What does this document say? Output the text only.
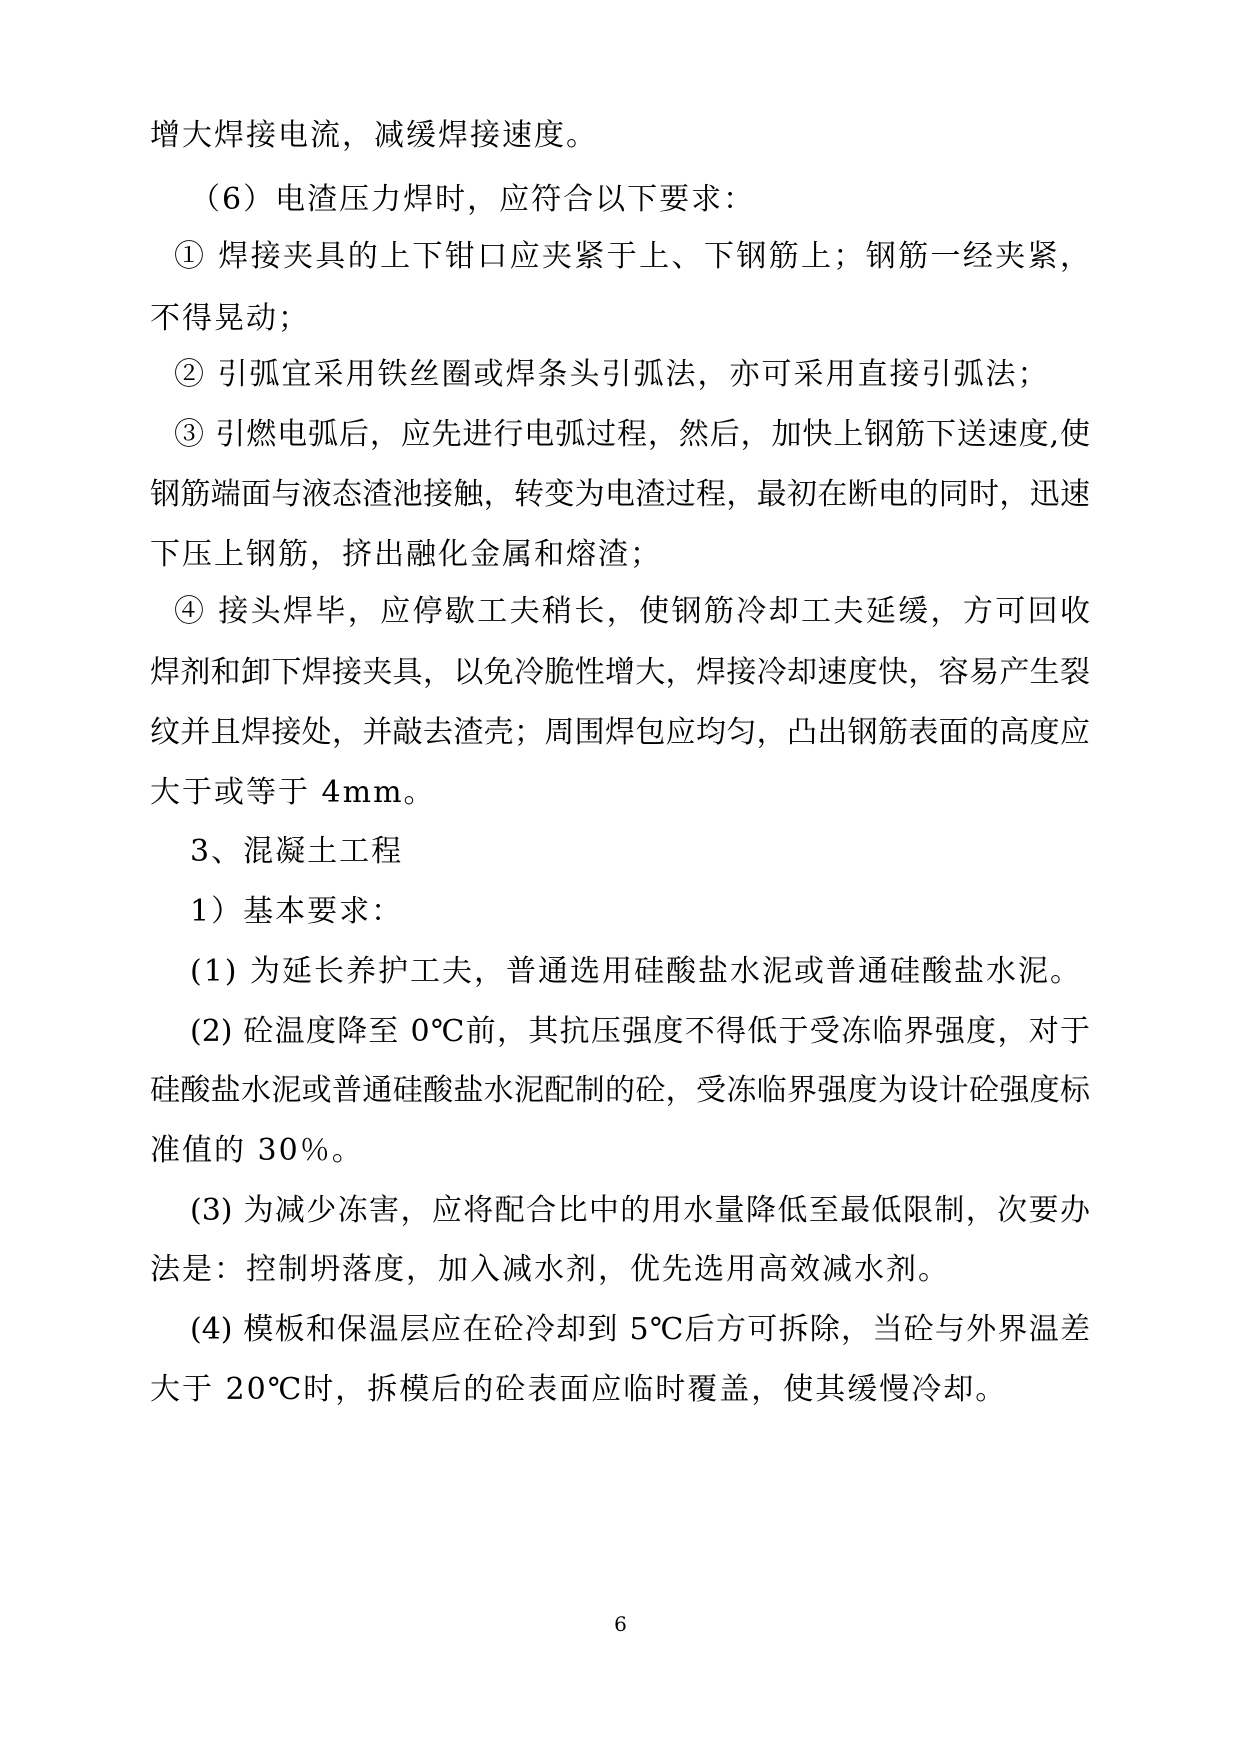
增大焊接电流，减缓焊接速度。
（6）电渣压力焊时，应符合以下要求：
① 焊接夹具的上下钳口应夹紧于上、下钢筋上；钢筋一经夹紧，
不得晃动；
② 引弧宜采用铁丝圈或焊条头引弧法，亦可采用直接引弧法；
③ 引燃电弧后，应先进行电弧过程，然后，加快上钢筋下送速度,使
钢筋端面与液态渣池接触，转变为电渣过程，最初在断电的同时，迅速
下压上钢筋，挤出融化金属和熔渣；
④ 接头焊毕，应停歇工夫稍长，使钢筋冷却工夫延缓，方可回收
焊剂和卸下焊接夹具，以免冷脆性增大，焊接冷却速度快，容易产生裂
纹并且焊接处，并敲去渣壳；周围焊包应均匀，凸出钢筋表面的高度应
大于或等于 4mm。
3、混凝土工程
1）基本要求：
(1) 为延长养护工夫，普通选用硅酸盐水泥或普通硅酸盐水泥。
(2) 砼温度降至 0℃前，其抗压强度不得低于受冻临界强度，对于
硅酸盐水泥或普通硅酸盐水泥配制的砼，受冻临界强度为设计砼强度标
准值的 30％。
(3) 为减少冻害，应将配合比中的用水量降低至最低限制，次要办
法是：控制坍落度，加入减水剂，优先选用高效减水剂。
(4) 模板和保温层应在砼冷却到 5℃后方可拆除，当砼与外界温差
大于 20℃时，拆模后的砼表面应临时覆盖，使其缓慢冷却。
6
